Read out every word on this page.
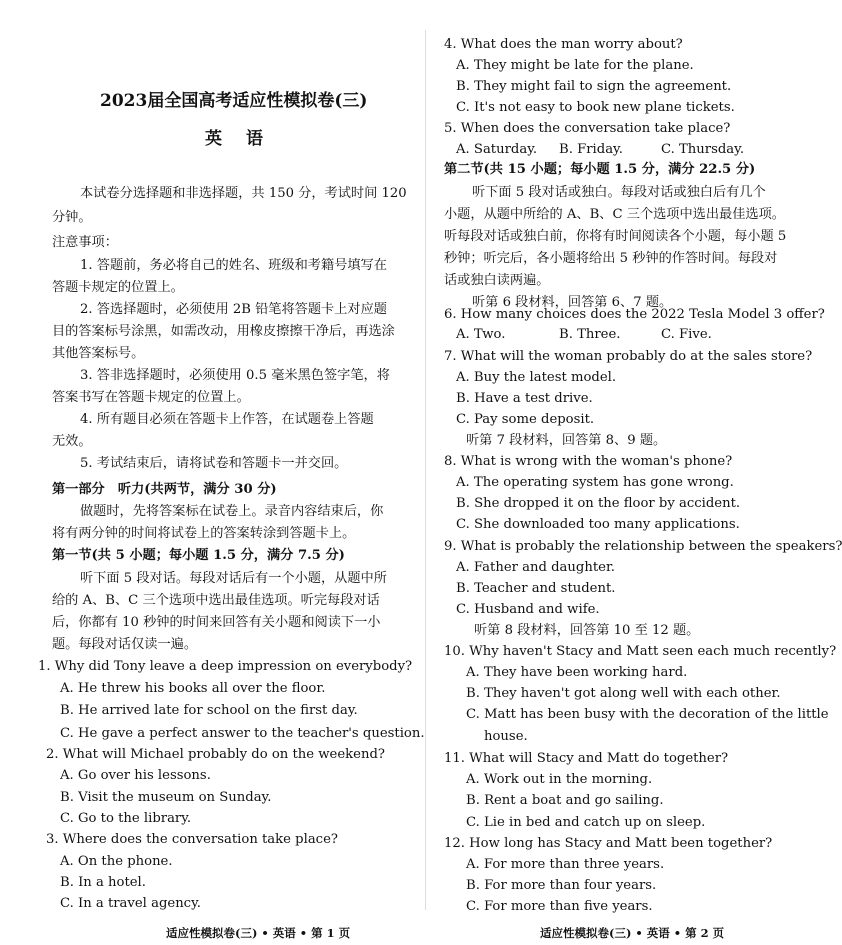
2023届全国高考适应性模拟卷(三)
英语
本试卷分选择题和非选择题，共 150 分，考试时间 120
分钟。
注意事项：
1. 答题前，务必将自己的姓名、班级和考籍号填写在
答题卡规定的位置上。
2. 答选择题时，必须使用 2B 铅笔将答题卡上对应题
目的答案标号涂黑，如需改动，用橡皮擦擦干净后，再选涂
其他答案标号。
3. 答非选择题时，必须使用 0.5 毫米黑色签字笔，将
答案书写在答题卡规定的位置上。
4. 所有题目必须在答题卡上作答，在试题卷上答题
无效。
5. 考试结束后，请将试卷和答题卡一并交回。
第一部分　听力(共两节，满分 30 分)
做题时，先将答案标在试卷上。录音内容结束后，你
将有两分钟的时间将试卷上的答案转涂到答题卡上。
第一节(共 5 小题；每小题 1.5 分，满分 7.5 分)
听下面 5 段对话。每段对话后有一个小题，从题中所
给的 A、B、C 三个选项中选出最佳选项。听完每段对话
后，你都有 10 秒钟的时间来回答有关小题和阅读下一小
题。每段对话仅读一遍。
1. Why did Tony leave a deep impression on everybody?
A. He threw his books all over the floor.
B. He arrived late for school on the first day.
C. He gave a perfect answer to the teacher's question.
2. What will Michael probably do on the weekend?
A. Go over his lessons.
B. Visit the museum on Sunday.
C. Go to the library.
3. Where does the conversation take place?
A. On the phone.
B. In a hotel.
C. In a travel agency.
适应性模拟卷(三) • 英语 • 第 1 页
4. What does the man worry about?
A. They might be late for the plane.
B. They might fail to sign the agreement.
C. It's not easy to book new plane tickets.
5. When does the conversation take place?
A. Saturday. B. Friday.	C. Thursday.
第二节(共 15 小题；每小题 1.5 分，满分 22.5 分)
听下面 5 段对话或独白。每段对话或独白后有几个
小题，从题中所给的 A、B、C 三个选项中选出最佳选项。
听每段对话或独白前，你将有时间阅读各个小题，每小题 5
秒钟；听完后，各小题将给出 5 秒钟的作答时间。每段对
话或独白读两遍。
听第 6 段材料，回答第 6、7 题。
6. How many choices does the 2022 Tesla Model 3 offer?
A. Two.	B. Three.	C. Five.
7. What will the woman probably do at the sales store?
A. Buy the latest model.
B. Have a test drive.
C. Pay some deposit.
听第 7 段材料，回答第 8、9 题。
8. What is wrong with the woman's phone?
A. The operating system has gone wrong.
B. She dropped it on the floor by accident.
C. She downloaded too many applications.
9. What is probably the relationship between the speakers?
A. Father and daughter.
B. Teacher and student.
C. Husband and wife.
听第 8 段材料，回答第 10 至 12 题。
10. Why haven't Stacy and Matt seen each much recently?
A. They have been working hard.
B. They haven't got along well with each other.
C. Matt has been busy with the decoration of the little
house.
11. What will Stacy and Matt do together?
A. Work out in the morning.
B. Rent a boat and go sailing.
C. Lie in bed and catch up on sleep.
12. How long has Stacy and Matt been together?
A. For more than three years.
B. For more than four years.
C. For more than five years.
适应性模拟卷(三) • 英语 • 第 2 页
